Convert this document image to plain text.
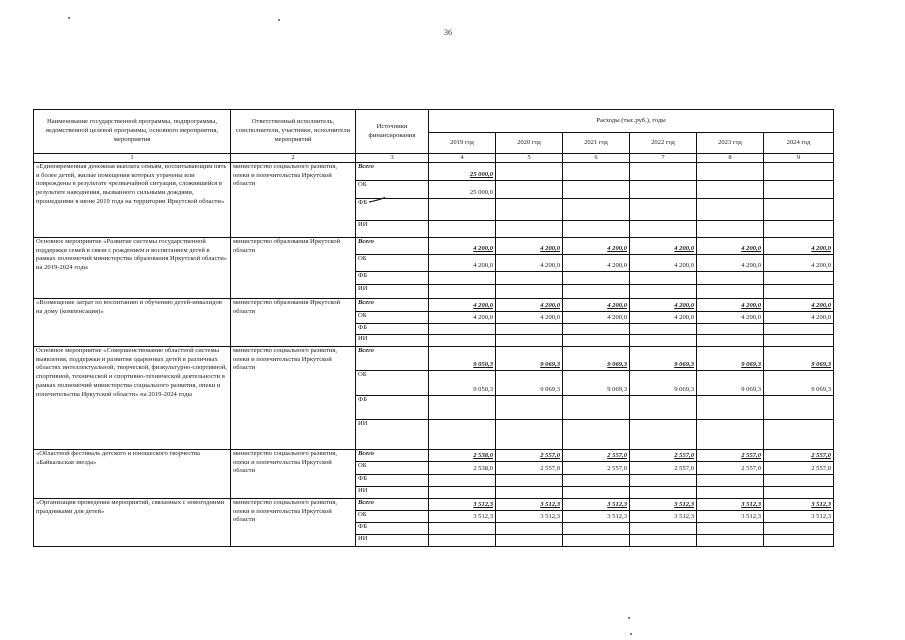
36
Наименование государственной программы, подпрограммы, ведомственной целевой программы, основного мероприятия, мероприятия	Ответственный исполнитель, соисполнители, участники, исполнители мероприятий	Источники финансирования	Расходы (тыс.руб.), годы					
			2019 год	2020 год	2021 год	2022 год	2023 год	2024 год
1	2	3	4	5	6	7	8	9
«Единовременная денежная выплата семьям, воспитывающим пять и более детей, жилые помещения которых утрачены или повреждены в результате чрезвычайной ситуации, сложившейся в результате наводнения, вызванного сильными дождями, прошедшими в июне 2019 года на территории Иркутской области»	министерство социального развития, опеки и попечительства Иркутской области	Всего	25 000,0					
		ОБ	25 000,0					
		ФБ						
		ИИ						
Основное мероприятие «Развитие системы государственной поддержки семей в связи с рождением и воспитанием детей в рамках полномочий министерства образования Иркутской области» на 2019-2024 годы	министерство образования Иркутской области	Всего	4 200,0	4 200,0	4 200,0	4 200,0	4 200,0	4 200,0
		ОБ	4 200,0	4 200,0	4 200,0	4 200,0	4 200,0	4 200,0
		ФБ						
		ИИ						
«Возмещение затрат по воспитанию и обучению детей-инвалидов на дому (компенсация)»	министерство образования Иркутской области	Всего	4 200,0	4 200,0	4 200,0	4 200,0	4 200,0	4 200,0
		ОБ	4 200,0	4 200,0	4 200,0	4 200,0	4 200,0	4 200,0
		ФБ						
		ИИ						
Основное мероприятие «Совершенствование областной системы выявления, поддержки и развития одаренных детей в различных областях интеллектуальной, творческой, физкультурно-спортивной, спортивной, технической и спортивно-технической деятельности в рамках полномочий министерства социального развития, опеки и попечительства Иркутской области» на 2019-2024 годы	министерство социального развития, опеки и попечительства Иркутской области	Всего	9 050,3	9 069,3	9 069,3	9 069,3	9 069,3	9 069,3
		ОБ	9 050,3	9 069,3	9 069,3	9 069,3	9 069,3	9 069,3
		ФБ						
		ИИ						
«Областной фестиваль детского и юношеского творчества «Байкальская звезда»	министерство социального развития, опеки и попечительства Иркутской области	Всего	2 538,0	2 557,0	2 557,0	2 557,0	2 557,0	2 557,0
		ОБ	2 538,0	2 557,0	2 557,0	2 557,0	2 557,0	2 557,0
		ФБ						
		ИИ						
«Организация проведения мероприятий, связанных с новогодними праздниками для детей»	министерство социального развития, опеки и попечительства Иркутской области	Всего	3 512,3	3 512,3	3 512,3	3 512,3	3 512,3	3 512,3
		ОБ	3 512,3	3 512,3	3 512,3	3 512,3	3 512,3	3 512,3
		ФБ						
		ИИ						
